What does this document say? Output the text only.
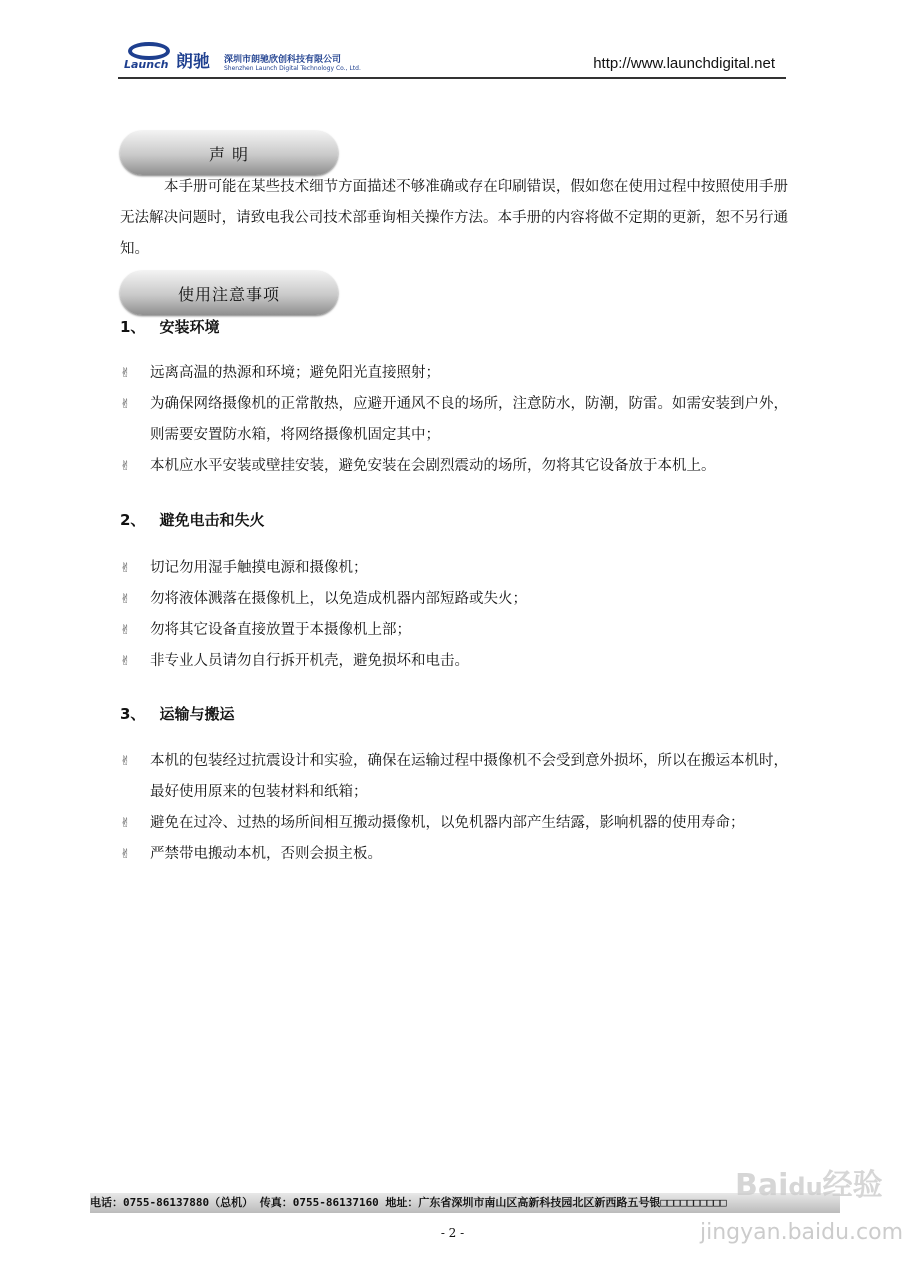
Launch 朗驰 深圳市朗驰欣创科技有限公司
Shenzhen Launch Digital Technology Co., Ltd.	http://www.launchdigital.net
声 明
本手册可能在某些技术细节方面描述不够准确或存在印刷错误，假如您在使用过程中按照使用手册无法解决问题时，请致电我公司技术部垂询相关操作方法。本手册的内容将做不定期的更新，恕不另行通知。
使用注意事项
1、 安装环境
✌ 远离高温的热源和环境；避免阳光直接照射；
✌ 为确保网络摄像机的正常散热，应避开通风不良的场所，注意防水，防潮，防雷。如需安装到户外，则需要安置防水箱，将网络摄像机固定其中；
✌ 本机应水平安装或壁挂安装，避免安装在会剧烈震动的场所，勿将其它设备放于本机上。
2、 避免电击和失火
✌ 切记勿用湿手触摸电源和摄像机；
✌ 勿将液体溅落在摄像机上，以免造成机器内部短路或失火；
✌ 勿将其它设备直接放置于本摄像机上部；
✌ 非专业人员请勿自行拆开机壳，避免损坏和电击。
3、 运输与搬运
✌ 本机的包装经过抗震设计和实验，确保在运输过程中摄像机不会受到意外损坏，所以在搬运本机时，最好使用原来的包装材料和纸箱；
✌ 避免在过冷、过热的场所间相互搬动摄像机，以免机器内部产生结露，影响机器的使用寿命；
✌ 严禁带电搬动本机，否则会损主板。
电话：0755-86137880（总机） 传真：0755-86137160 地址：广东省深圳市南山区高新科技园北区新西路五号银□□□□□□□□□□
- 2 -
Baidu经验
jingyan.baidu.com
